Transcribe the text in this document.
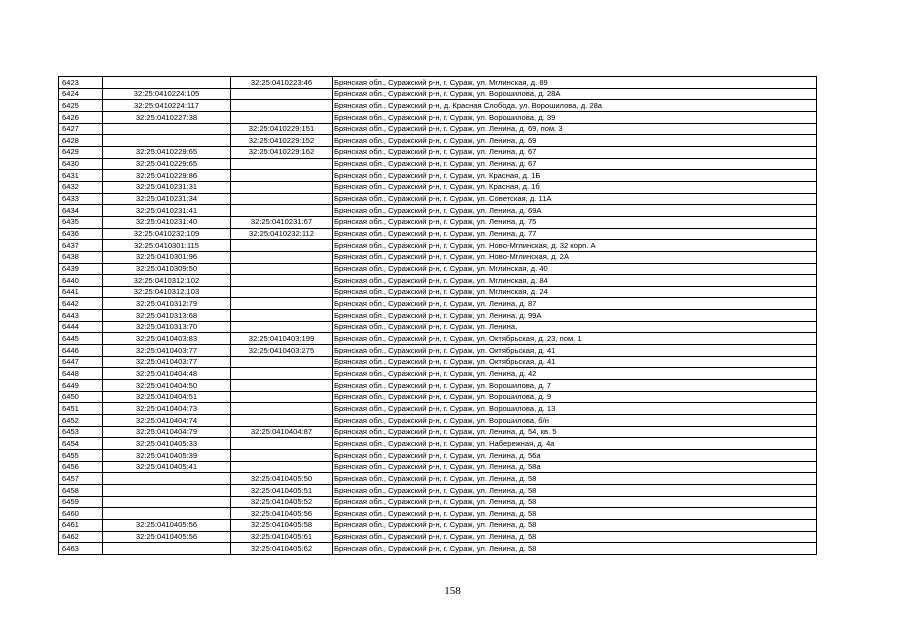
6423		32:25:0410223:46	Брянская обл., Суражский р-н, г. Сураж, ул. Мглинская, д. 89
6424	32:25:0410224:105		Брянская обл., Суражский р-н, г. Сураж, ул. Ворошилова, д. 28А
6425	32:25:0410224:117		Брянская обл., Суражский р-н, д. Красная Слобода, ул. Ворошилова, д. 28а
6426	32:25:0410227:38		Брянская обл., Суражский р-н, г. Сураж, ул. Ворошилова, д. 39
6427		32:25:0410229:151	Брянская обл., Суражский р-н, г. Сураж, ул. Ленина, д. 69, пом. 3
6428		32:25:0410229:152	Брянская обл., Суражский р-н, г. Сураж, ул. Ленина, д. 69
6429	32:25:0410229:65	32:25:0410229:162	Брянская обл., Суражский р-н, г. Сураж, ул. Ленина, д. 67
6430	32:25:0410229:65		Брянская обл., Суражский р-н, г. Сураж, ул. Ленина, д. 67
6431	32:25:0410229:86		Брянская обл., Суражский р-н, г. Сураж, ул. Красная, д. 1Б
6432	32:25:0410231:31		Брянская обл., Суражский р-н, г. Сураж, ул. Красная, д. 1б
6433	32:25:0410231:34		Брянская обл., Суражский р-н, г. Сураж, ул. Советская, д. 11А
6434	32:25:0410231:41		Брянская обл., Суражский р-н, г. Сураж, ул. Ленина, д. 69А
6435	32:25:0410231:40	32:25:0410231:67	Брянская обл., Суражский р-н, г. Сураж, ул. Ленина, д. 75
6436	32:25:0410232:109	32:25:0410232:112	Брянская обл., Суражский р-н, г. Сураж, ул. Ленина, д. 77
6437	32:25:0410301:115		Брянская обл., Суражский р-н, г. Сураж, ул. Ново-Мглинская, д. 32 корп. А
6438	32:25:0410301:96		Брянская обл., Суражский р-н, г. Сураж, ул. Ново-Мглинская, д. 2А
6439	32:25:0410309:50		Брянская обл., Суражский р-н, г. Сураж, ул. Мглинская, д. 40
6440	32:25:0410312:102		Брянская обл., Суражский р-н, г. Сураж, ул. Мглинская, д. 84
6441	32:25:0410312:103		Брянская обл., Суражский р-н, г. Сураж, ул. Мглинская, д. 24
6442	32:25:0410312:79		Брянская обл., Суражский р-н, г. Сураж, ул. Ленина, д. 87
6443	32:25:0410313:68		Брянская обл., Суражский р-н, г. Сураж, ул. Ленина, д. 99А
6444	32:25:0410313:70		Брянская обл., Суражский р-н, г. Сураж, ул. Ленина,
6445	32:25:0410403:83	32:25:0410403:199	Брянская обл., Суражский р-н, г. Сураж, ул. Октябрьская, д. 23, пом. 1
6446	32:25:0410403:77	32:25:0410403:275	Брянская обл., Суражский р-н, г. Сураж, ул. Октябрьская, д. 41
6447	32:25:0410403:77		Брянская обл., Суражский р-н, г. Сураж, ул. Октябрьская, д. 41
6448	32:25:0410404:48		Брянская обл., Суражский р-н, г. Сураж, ул. Ленина, д. 42
6449	32:25:0410404:50		Брянская обл., Суражский р-н, г. Сураж, ул. Ворошилова, д. 7
6450	32:25:0410404:51		Брянская обл., Суражский р-н, г. Сураж, ул. Ворошилова, д. 9
6451	32:25:0410404:73		Брянская обл., Суражский р-н, г. Сураж, ул. Ворошилова, д. 13
6452	32:25:0410404:74		Брянская обл., Суражский р-н, г. Сураж, ул. Ворошилова, б/н
6453	32:25:0410404:79	32:25:0410404:87	Брянская обл., Суражский р-н, г. Сураж, ул. Ленина, д. 54, кв. 5
6454	32:25:0410405:33		Брянская обл., Суражский р-н, г. Сураж, ул. Набережная, д. 4а
6455	32:25:0410405:39		Брянская обл., Суражский р-н, г. Сураж, ул. Ленина, д. 56а
6456	32:25:0410405:41		Брянская обл., Суражский р-н, г. Сураж, ул. Ленина, д. 58а
6457		32:25:0410405:50	Брянская обл., Суражский р-н, г. Сураж, ул. Ленина, д. 58
6458		32:25:0410405:51	Брянская обл., Суражский р-н, г. Сураж, ул. Ленина, д. 58
6459		32:25:0410405:52	Брянская обл., Суражский р-н, г. Сураж, ул. Ленина, д. 58
6460		32:25:0410405:56	Брянская обл., Суражский р-н, г. Сураж, ул. Ленина, д. 58
6461	32:25:0410405:56	32:25:0410405:58	Брянская обл., Суражский р-н, г. Сураж, ул. Ленина, д. 58
6462	32:25:0410405:56	32:25:0410405:61	Брянская обл., Суражский р-н, г. Сураж, ул. Ленина, д. 58
6463		32:25:0410405:62	Брянская обл., Суражский р-н, г. Сураж, ул. Ленина, д. 58
158
